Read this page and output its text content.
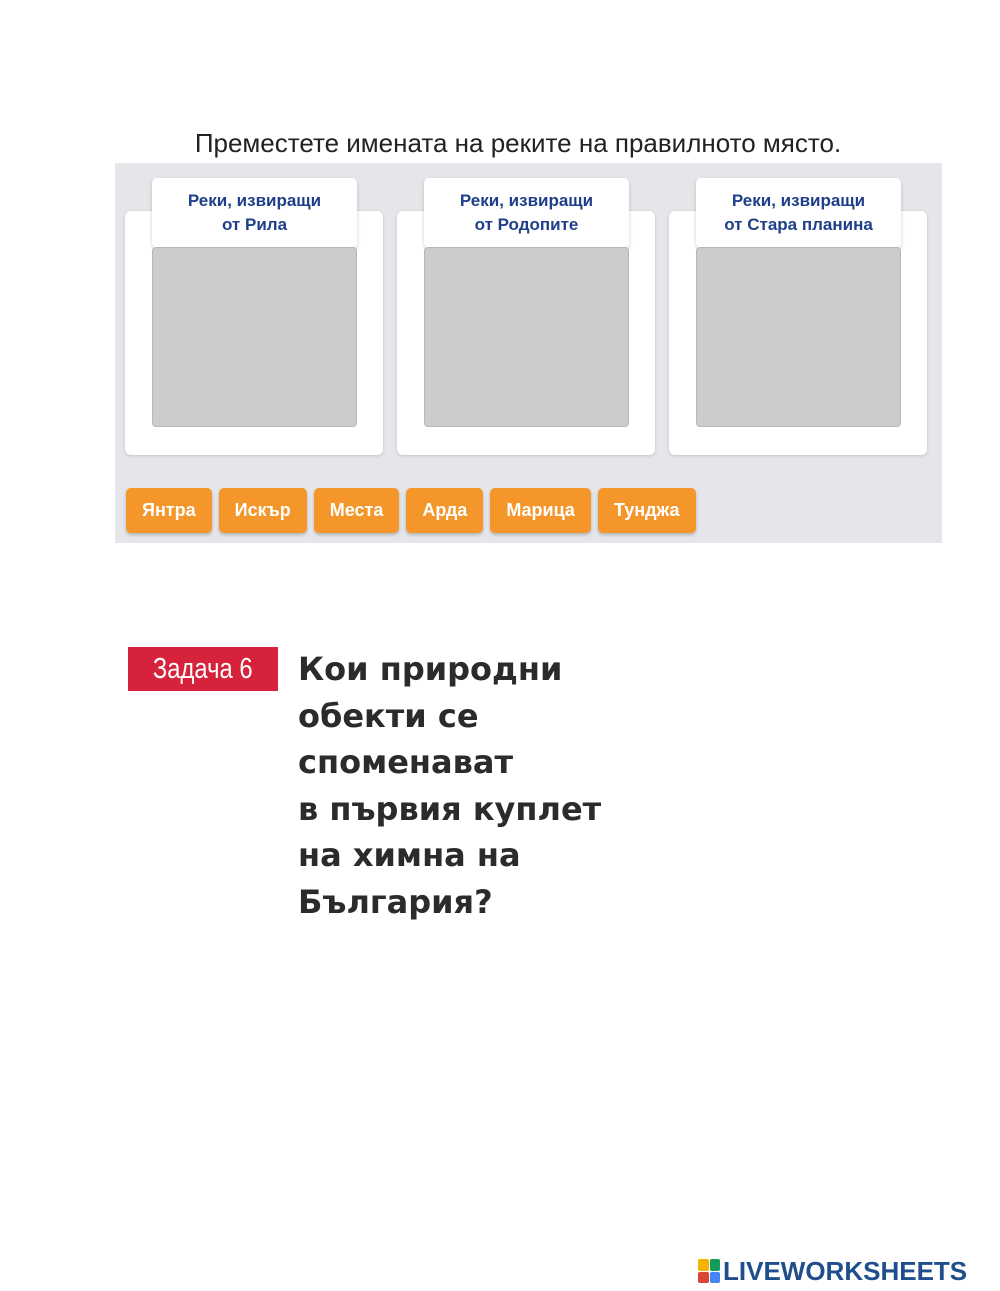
Преместете имената на реките на правилното място.
Реки, извиращи
от Рила
Реки, извиращи
от Родопите
Реки, извиращи
от Стара планина
Янтра	Искър	Места	Арда	Марица	Тунджа
Задача 6 Кои природни
обекти се
споменават
в първия куплет
на химна на
България?
LIVEWORKSHEETS
